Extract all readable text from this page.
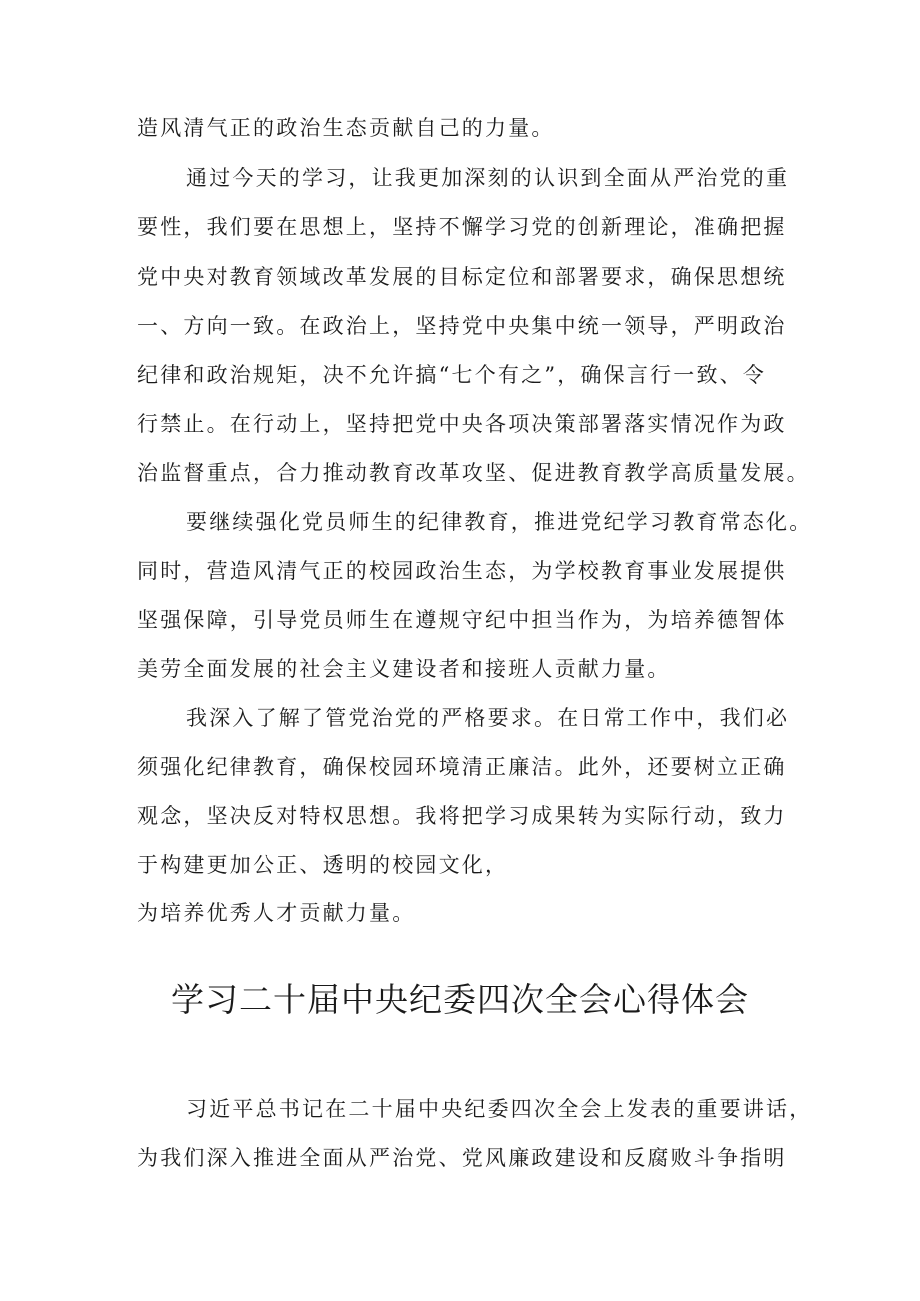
造风清气正的政治生态贡献自己的力量。

通过今天的学习，让我更加深刻的认识到全面从严治党的重

要性，我们要在思想上，坚持不懈学习党的创新理论，准确把握

党中央对教育领域改革发展的目标定位和部署要求，确保思想统

一、方向一致。在政治上，坚持党中央集中统一领导，严明政治

纪律和政治规矩，决不允许搞“七个有之”，确保言行一致、令

行禁止。在行动上，坚持把党中央各项决策部署落实情况作为政

治监督重点，合力推动教育改革攻坚、促进教育教学高质量发展。

要继续强化党员师生的纪律教育，推进党纪学习教育常态化。

同时，营造风清气正的校园政治生态，为学校教育事业发展提供

坚强保障，引导党员师生在遵规守纪中担当作为，为培养德智体

美劳全面发展的社会主义建设者和接班人贡献力量。

我深入了解了管党治党的严格要求。在日常工作中，我们必

须强化纪律教育，确保校园环境清正廉洁。此外，还要树立正确

观念，坚决反对特权思想。我将把学习成果转为实际行动，致力

于构建更加公正、透明的校园文化，

为培养优秀人才贡献力量。

学习二十届中央纪委四次全会心得体会

习近平总书记在二十届中央纪委四次全会上发表的重要讲话，

为我们深入推进全面从严治党、党风廉政建设和反腐败斗争指明
